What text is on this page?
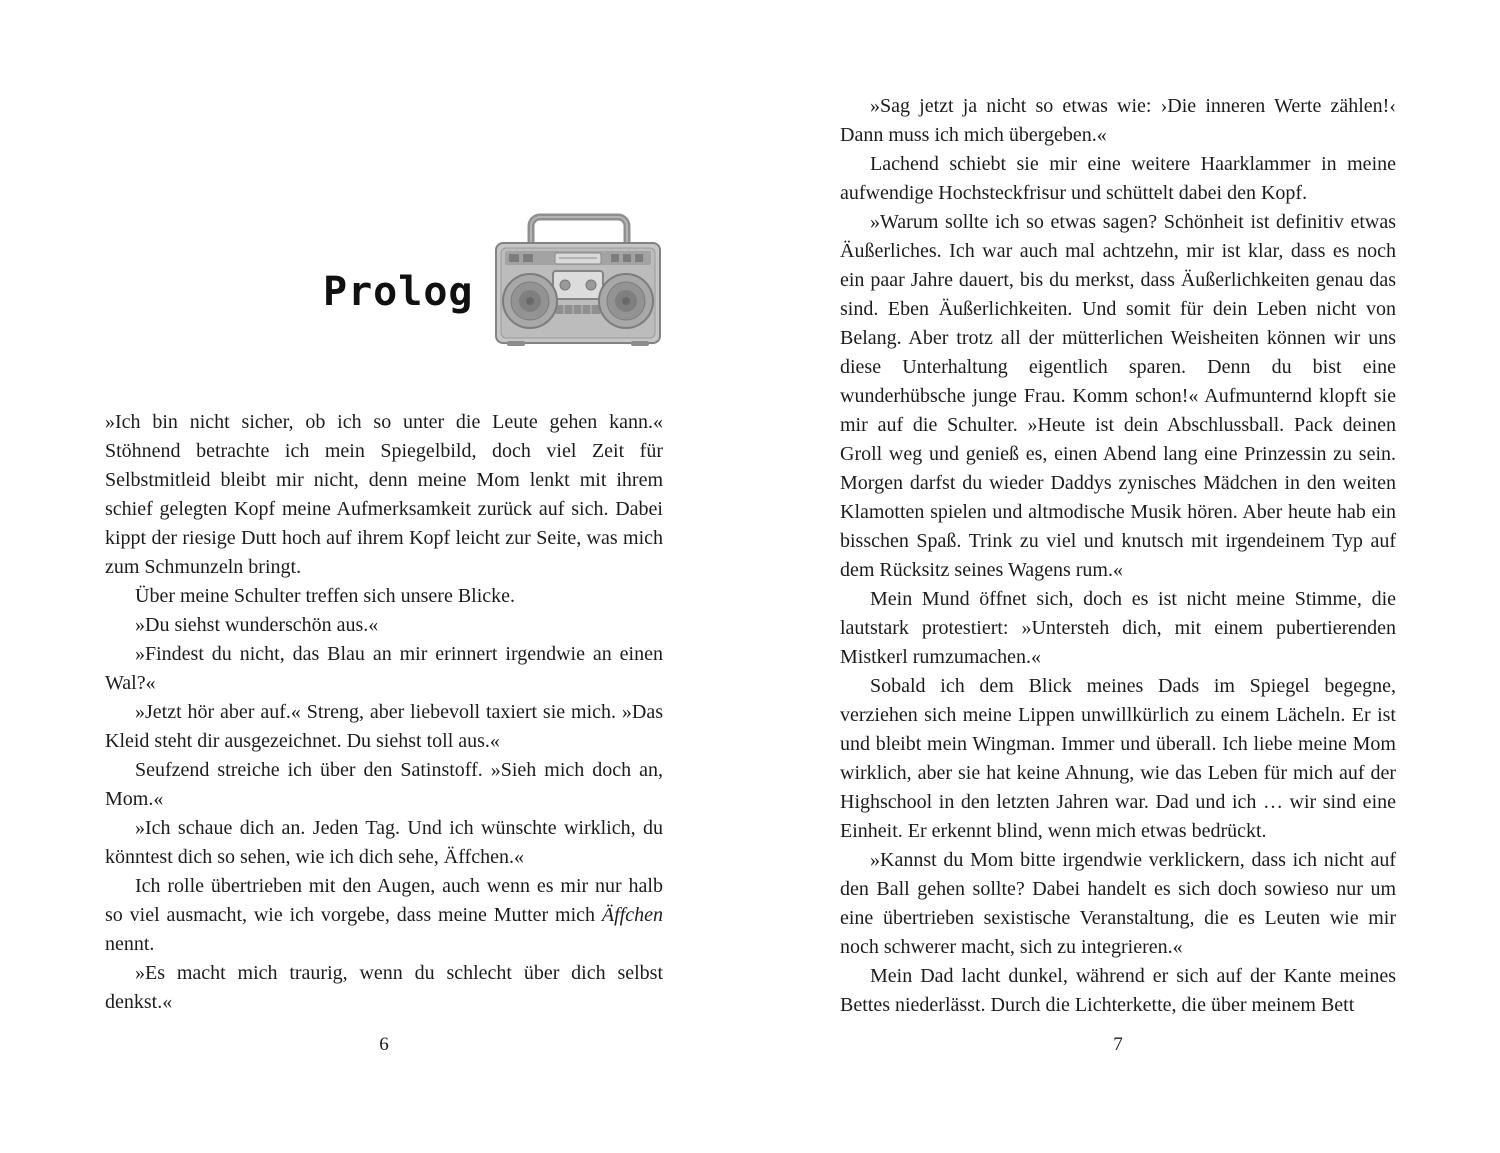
Prolog

»Ich bin nicht sicher, ob ich so unter die Leute gehen kann.« Stöhnend betrachte ich mein Spiegelbild, doch viel Zeit für Selbstmitleid bleibt mir nicht, denn meine Mom lenkt mit ihrem schief gelegten Kopf meine Aufmerksamkeit zurück auf sich. Dabei kippt der riesige Dutt hoch auf ihrem Kopf leicht zur Seite, was mich zum Schmunzeln bringt.

Über meine Schulter treffen sich unsere Blicke.

»Du siehst wunderschön aus.«

»Findest du nicht, das Blau an mir erinnert irgendwie an einen Wal?«

»Jetzt hör aber auf.« Streng, aber liebevoll taxiert sie mich. »Das Kleid steht dir ausgezeichnet. Du siehst toll aus.«

Seufzend streiche ich über den Satinstoff. »Sieh mich doch an, Mom.«

»Ich schaue dich an. Jeden Tag. Und ich wünschte wirklich, du könntest dich so sehen, wie ich dich sehe, Äffchen.«

Ich rolle übertrieben mit den Augen, auch wenn es mir nur halb so viel ausmacht, wie ich vorgebe, dass meine Mutter mich Äffchen nennt.

»Es macht mich traurig, wenn du schlecht über dich selbst denkst.«

6

»Sag jetzt ja nicht so etwas wie: ›Die inneren Werte zählen!‹ Dann muss ich mich übergeben.«

Lachend schiebt sie mir eine weitere Haarklammer in meine aufwendige Hochsteckfrisur und schüttelt dabei den Kopf.

»Warum sollte ich so etwas sagen? Schönheit ist definitiv etwas Äußerliches. Ich war auch mal achtzehn, mir ist klar, dass es noch ein paar Jahre dauert, bis du merkst, dass Äußerlichkeiten genau das sind. Eben Äußerlichkeiten. Und somit für dein Leben nicht von Belang. Aber trotz all der mütterlichen Weisheiten können wir uns diese Unterhaltung eigentlich sparen. Denn du bist eine wunderhübsche junge Frau. Komm schon!« Aufmunternd klopft sie mir auf die Schulter. »Heute ist dein Abschlussball. Pack deinen Groll weg und genieß es, einen Abend lang eine Prinzessin zu sein. Morgen darfst du wieder Daddys zynisches Mädchen in den weiten Klamotten spielen und altmodische Musik hören. Aber heute hab ein bisschen Spaß. Trink zu viel und knutsch mit irgendeinem Typ auf dem Rücksitz seines Wagens rum.«

Mein Mund öffnet sich, doch es ist nicht meine Stimme, die lautstark protestiert: »Untersteh dich, mit einem pubertierenden Mistkerl rumzumachen.«

Sobald ich dem Blick meines Dads im Spiegel begegne, verziehen sich meine Lippen unwillkürlich zu einem Lächeln. Er ist und bleibt mein Wingman. Immer und überall. Ich liebe meine Mom wirklich, aber sie hat keine Ahnung, wie das Leben für mich auf der Highschool in den letzten Jahren war. Dad und ich … wir sind eine Einheit. Er erkennt blind, wenn mich etwas bedrückt.

»Kannst du Mom bitte irgendwie verklickern, dass ich nicht auf den Ball gehen sollte? Dabei handelt es sich doch sowieso nur um eine übertrieben sexistische Veranstaltung, die es Leuten wie mir noch schwerer macht, sich zu integrieren.«

Mein Dad lacht dunkel, während er sich auf der Kante meines Bettes niederlässt. Durch die Lichterkette, die über meinem Bett

7
